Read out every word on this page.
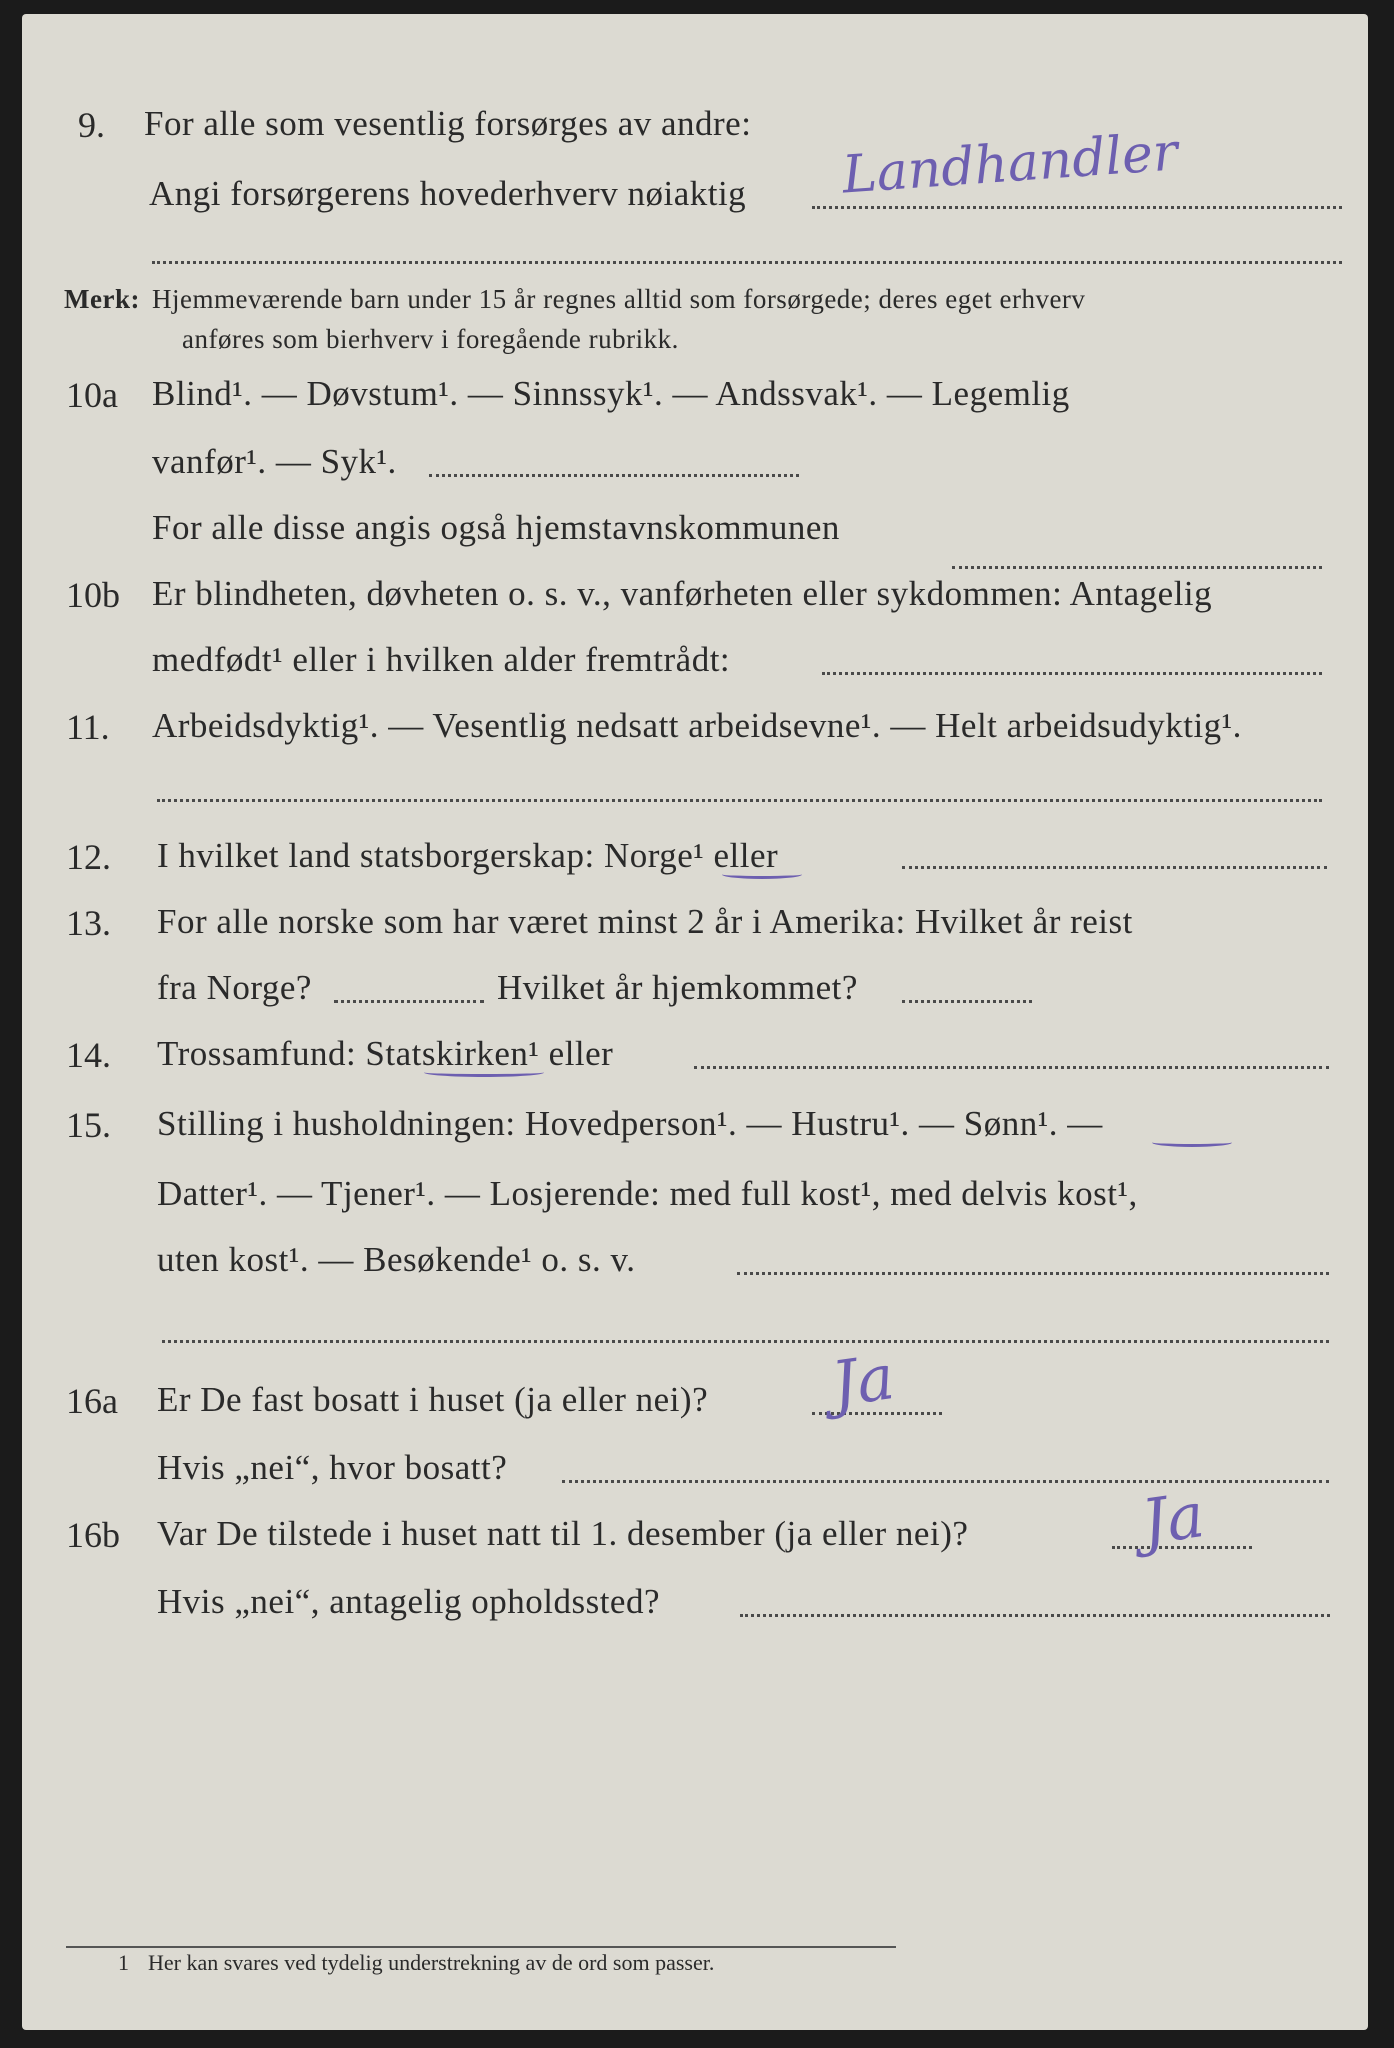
9. For alle som vesentlig forsørges av andre:
Angi forsørgerens hovederhverv nøiaktig Landhandler
Merk: Hjemmeværende barn under 15 år regnes alltid som forsørgede; deres eget erhverv
anføres som bierhverv i foregående rubrikk.
10a Blind¹. — Døvstum¹. — Sinnssyk¹. — Andssvak¹. — Legemlig
vanfør¹. — Syk¹.
For alle disse angis også hjemstavnskommunen
10b Er blindheten, døvheten o. s. v., vanførheten eller sykdommen: Antagelig
medfødt¹ eller i hvilken alder fremtrådt:
11. Arbeidsdyktig¹. — Vesentlig nedsatt arbeidsevne¹. — Helt arbeidsudyktig¹.
12. I hvilket land statsborgerskap: Norge¹ eller
13. For alle norske som har været minst 2 år i Amerika: Hvilket år reist
fra Norge?	Hvilket år hjemkommet?
14. Trossamfund: Statskirken¹ eller
15. Stilling i husholdningen: Hovedperson¹. — Hustru¹. — Sønn¹. —
Datter¹. — Tjener¹. — Losjerende: med full kost¹, med delvis kost¹,
uten kost¹. — Besøkende¹ o. s. v.
16a Er De fast bosatt i huset (ja eller nei)? Ja
Hvis „nei“, hvor bosatt?
16b Var De tilstede i huset natt til 1. desember (ja eller nei)?	Ja
Hvis „nei“, antagelig opholdssted?
1 Her kan svares ved tydelig understrekning av de ord som passer.
